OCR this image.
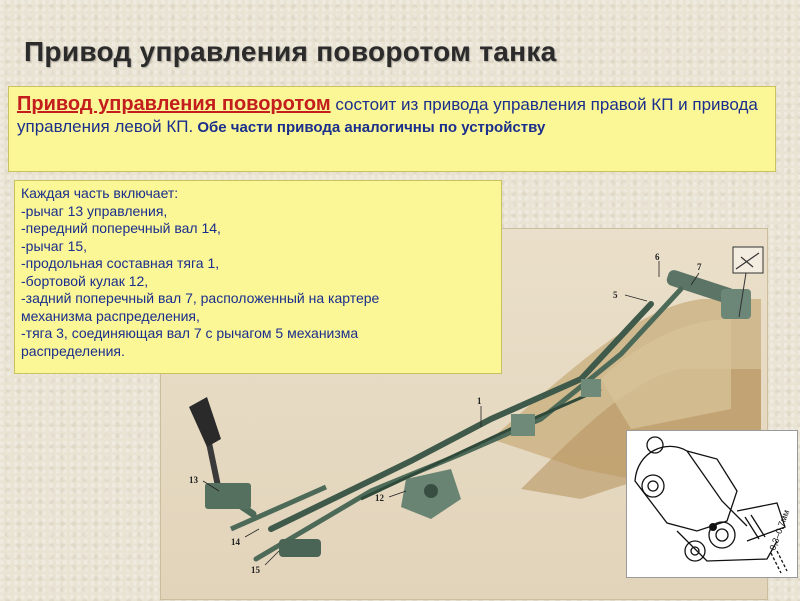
Привод управления поворотом танка
Привод управления поворотом состоит из привода управления правой КП и привода управления левой КП. Обе части привода аналогичны по устройству
1
5
6
7
12
13
14
15
Каждая часть включает:
-рычаг 13 управления,
-передний поперечный вал 14,
-рычаг 15,
-продольная составная тяга 1,
-бортовой кулак 12,
-задний поперечный вал 7, расположенный на картере
механизма распределения,
-тяга 3, соединяющая вал 7 с рычагом 5 механизма
распределения.
0,3–0,7мм
